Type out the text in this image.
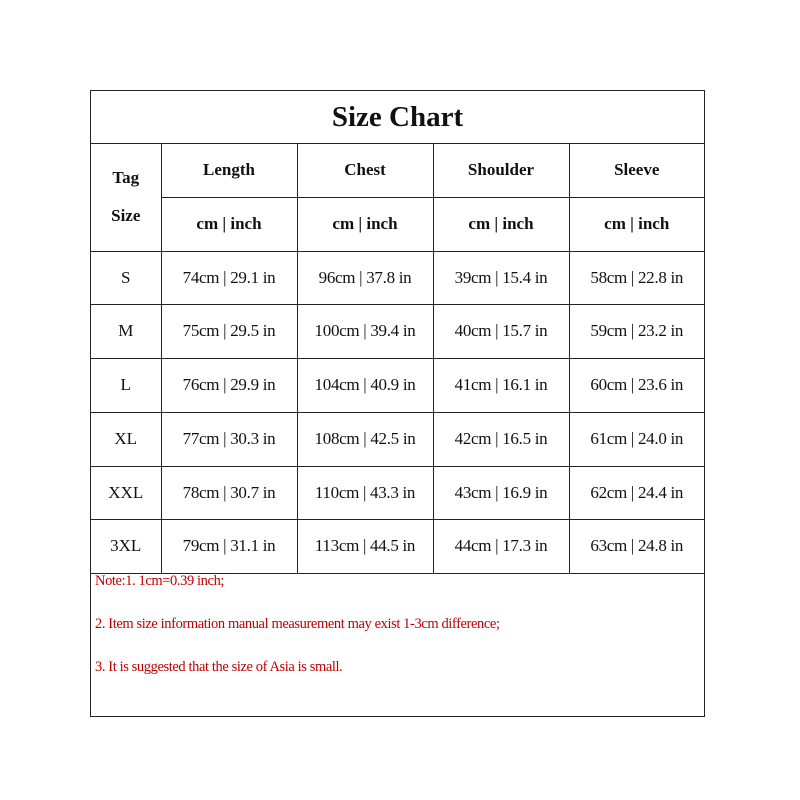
Size Chart
Tag
Size	Length	Chest	Shoulder	Sleeve
	cm | inch	cm | inch	cm | inch	cm | inch
S	74cm | 29.1 in	96cm | 37.8 in	39cm | 15.4 in	58cm | 22.8 in
M	75cm | 29.5 in	100cm | 39.4 in	40cm | 15.7 in	59cm | 23.2 in
L	76cm | 29.9 in	104cm | 40.9 in	41cm | 16.1 in	60cm | 23.6 in
XL	77cm | 30.3 in	108cm | 42.5 in	42cm | 16.5 in	61cm | 24.0 in
XXL	78cm | 30.7 in	110cm | 43.3 in	43cm | 16.9 in	62cm | 24.4 in
3XL	79cm | 31.1 in	113cm | 44.5 in	44cm | 17.3 in	63cm | 24.8 in
Note:1. 1cm=0.39 inch;
2. Item size information manual measurement may exist 1-3cm difference;
3. It is suggested that the size of Asia is small.
